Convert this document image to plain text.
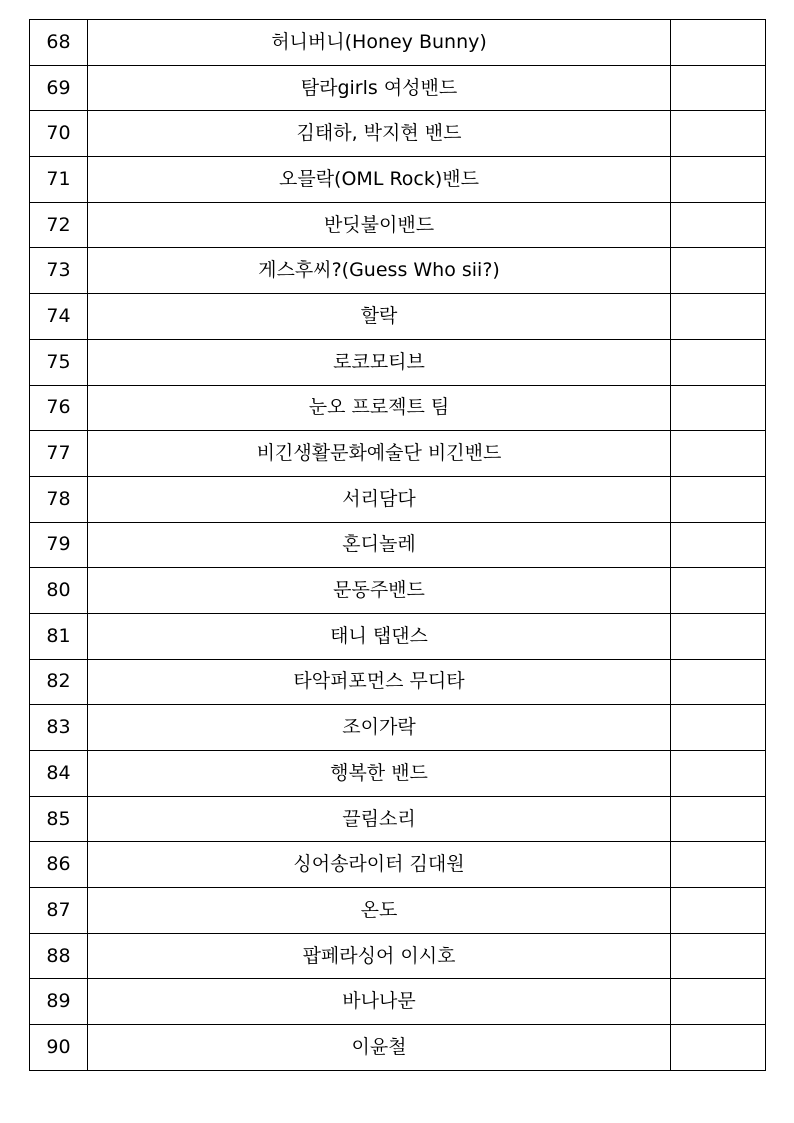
68	허니버니(Honey Bunny)	
69	탐라girls 여성밴드	
70	김태하, 박지현 밴드	
71	오믈락(OML Rock)밴드	
72	반딧불이밴드	
73	게스후씨?(Guess Who sii?)	
74	할락	
75	로코모티브	
76	눈오 프로젝트 팀	
77	비긴생활문화예술단 비긴밴드	
78	서리담다	
79	혼디놀레	
80	문동주밴드	
81	태니 탭댄스	
82	타악퍼포먼스 무디타	
83	조이가락	
84	행복한 밴드	
85	끌림소리	
86	싱어송라이터 김대원	
87	온도	
88	팝페라싱어 이시호	
89	바나나문	
90	이윤철	
